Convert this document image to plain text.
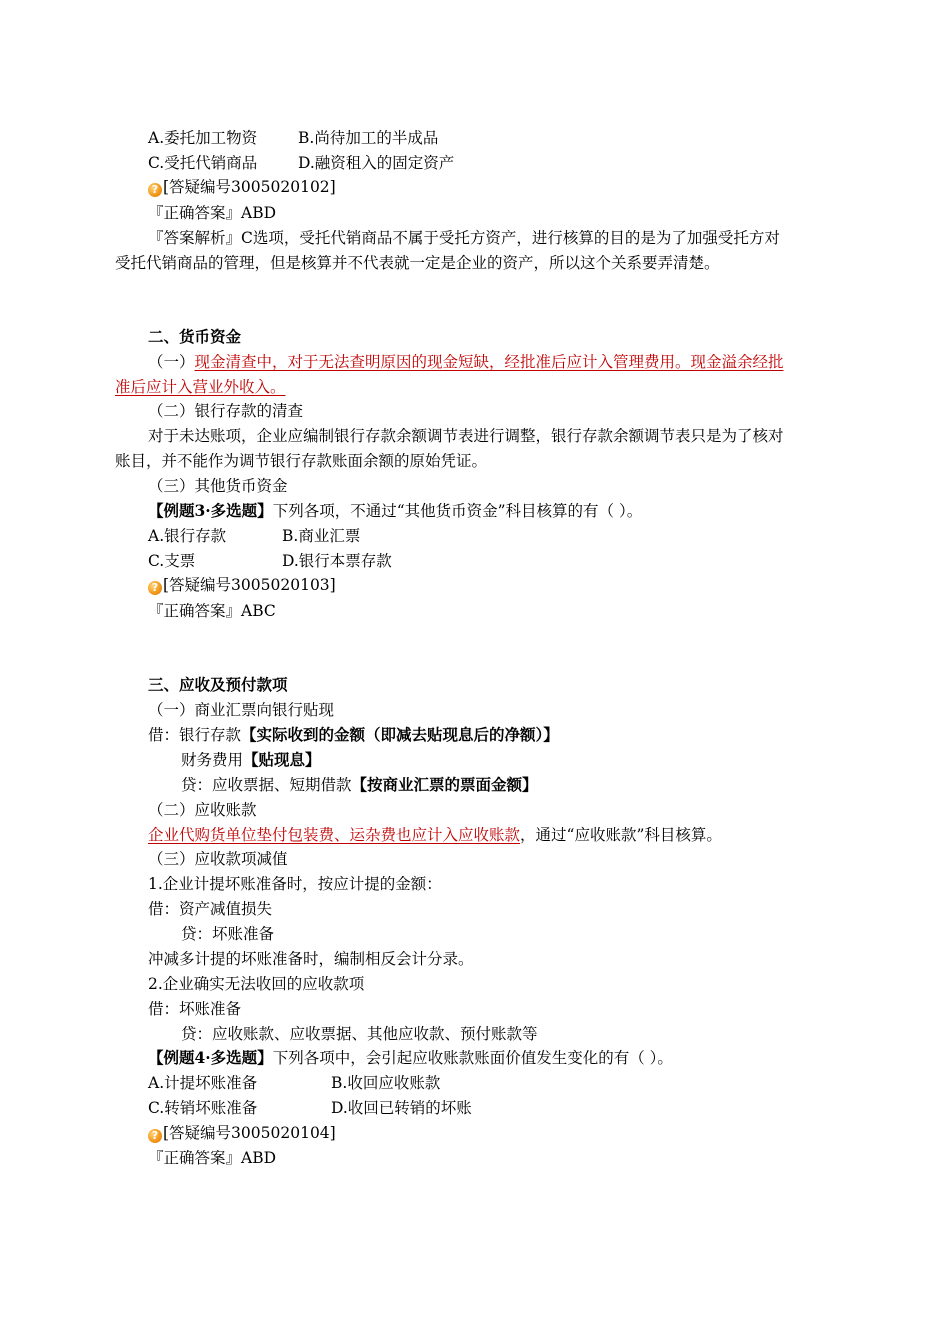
A.委托加工物资	B.尚待加工的半成品
C.受托代销商品	D.融资租入的固定资产
? [答疑编号3005020102]
『正确答案』ABD
『答案解析』C选项，受托代销商品不属于受托方资产，进行核算的目的是为了加强受托方对
受托代销商品的管理，但是核算并不代表就一定是企业的资产，所以这个关系要弄清楚。
二、货币资金
（一）现金清查中，对于无法查明原因的现金短缺，经批准后应计入管理费用。现金溢余经批
准后应计入营业外收入。
（二）银行存款的清查
对于未达账项，企业应编制银行存款余额调节表进行调整，银行存款余额调节表只是为了核对
账目，并不能作为调节银行存款账面余额的原始凭证。
（三）其他货币资金
【例题3·多选题】下列各项，不通过“其他货币资金”科目核算的有（ ）。
A.银行存款	B.商业汇票
C.支票	D.银行本票存款
? [答疑编号3005020103]
『正确答案』ABC
三、应收及预付款项
（一）商业汇票向银行贴现
借：银行存款【实际收到的金额（即减去贴现息后的净额）】
财务费用【贴现息】
贷：应收票据、短期借款【按商业汇票的票面金额】
（二）应收账款
企业代购货单位垫付包装费、运杂费也应计入应收账款，通过“应收账款”科目核算。
（三）应收款项减值
1.企业计提坏账准备时，按应计提的金额：
借：资产减值损失
贷：坏账准备
冲减多计提的坏账准备时，编制相反会计分录。
2.企业确实无法收回的应收款项
借：坏账准备
贷：应收账款、应收票据、其他应收款、预付账款等
【例题4·多选题】下列各项中，会引起应收账款账面价值发生变化的有（ ）。
A.计提坏账准备	B.收回应收账款
C.转销坏账准备	D.收回已转销的坏账
? [答疑编号3005020104]
『正确答案』ABD
